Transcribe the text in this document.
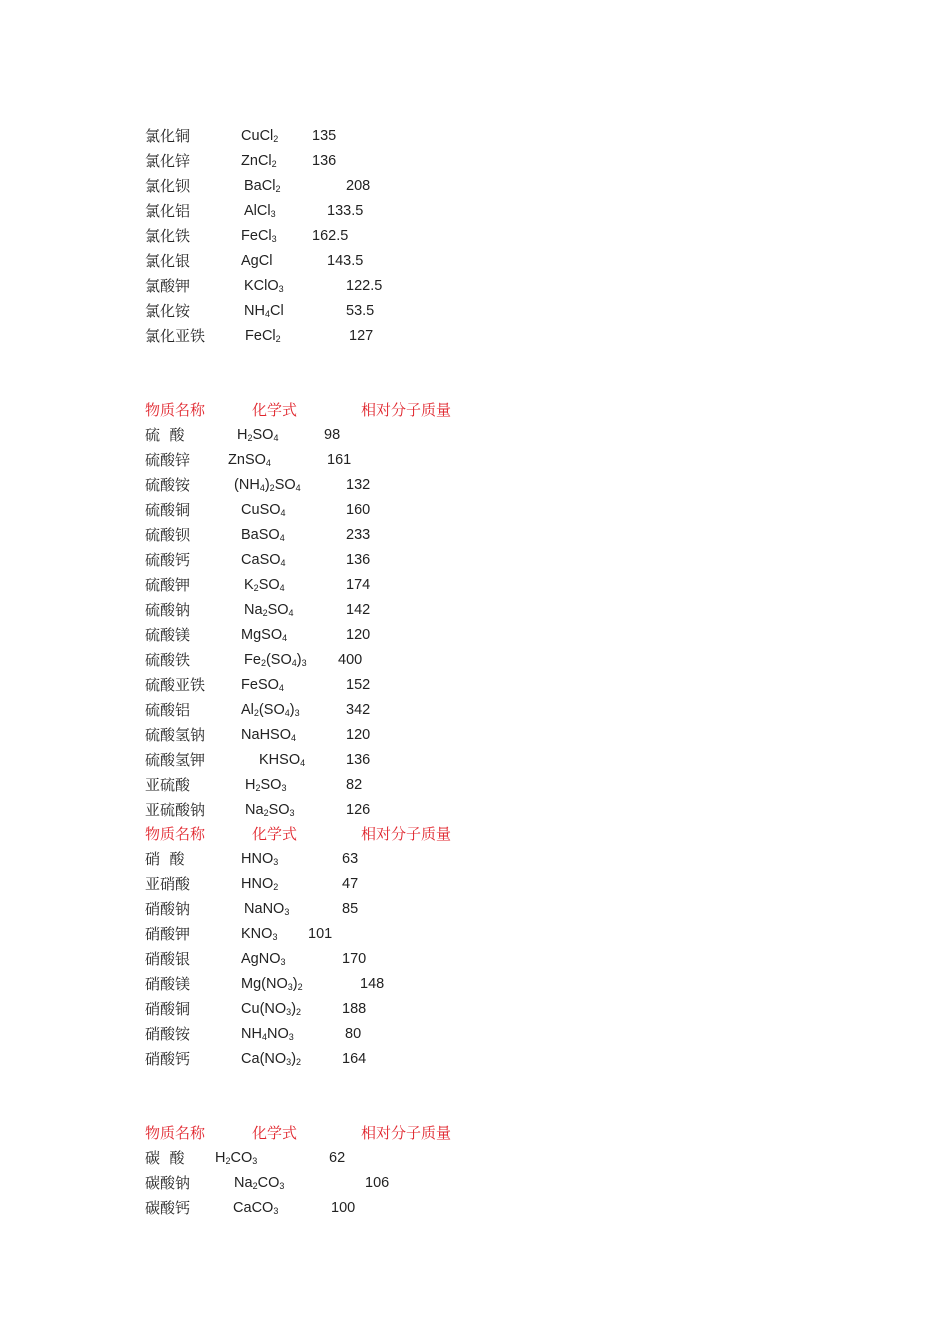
氯化铜	CuCl$_2$ 135
氯化锌	ZnCl$_2$ 136
氯化钡	BaCl$_2$	208
氯化铝	AlCl$_3$	133.5
氯化铁	FeCl$_3$ 162.5
氯化银	AgCl	143.5
氯酸钾	KClO$_3$	122.5
氯化铵	$NH_4Cl$	53.5
氯化亚铁	FeCl$_2$	127
物质名称	化学式	相对分子质量
硫  酸	$H_2SO_4$	98
硫酸锌	ZnSO$_4$	161
硫酸铵	$(NH_4)_2SO_4$	132
硫酸铜	CuSO$_4$	160
硫酸钡	BaSO$_4$	233
硫酸钙	CaSO$_4$	136
硫酸钾	$K_2SO_4$	174
硫酸钠	$Na_2SO_4$	142
硫酸镁	MgSO$_4$	120
硫酸铁	$Fe_2(SO_4)_3$ 400
硫酸亚铁 FeSO$_4$	152
硫酸铝	$Al_2(SO_4)_3$	342
硫酸氢钠 NaHSO$_4$	120
硫酸氢钾	$KHSO_4$	136
亚硫酸	$H_2SO_3$	82
亚硫酸钠	$Na_2SO_3$	126
物质名称	化学式	相对分子质量
硝  酸	$HNO_3$	63
亚硝酸	$HNO_2$	47
硝酸钠	NaNO$_3$	85
硝酸钾	$KNO_3$ 101
硝酸银	AgNO$_3$	170
硝酸镁	$Mg(NO_3)_2$	148
硝酸铜	$Cu(NO_3)_2$	188
硝酸铵	$NH_4NO_3$	80
硝酸钙	$Ca(NO_3)_2$	164
物质名称	化学式	相对分子质量
碳  酸 $H_2CO_3$	62
碳酸钠	$Na_2CO_3$	106
碳酸钙	CaCO$_3$	100
